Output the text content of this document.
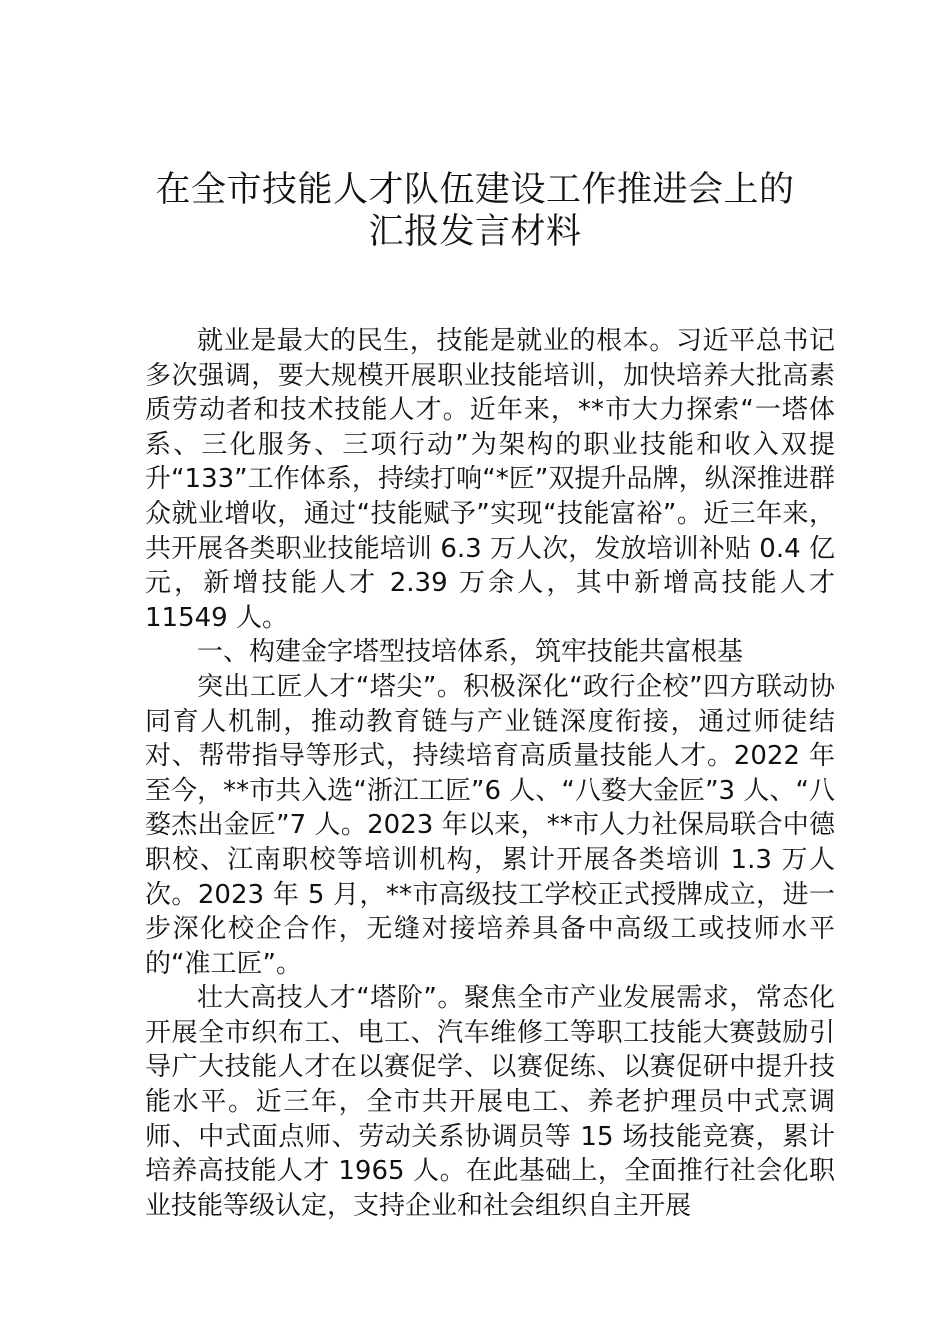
在全市技能人才队伍建设工作推进会上的
汇报发言材料

就业是最大的民生，技能是就业的根本。习近平总书记多次强调，要大规模开展职业技能培训，加快培养大批高素质劳动者和技术技能人才。近年来，**市大力探索“一塔体系、三化服务、三项行动”为架构的职业技能和收入双提升“133”工作体系，持续打响“*匠”双提升品牌，纵深推进群众就业增收，通过“技能赋予”实现“技能富裕”。近三年来，共开展各类职业技能培训 6.3 万人次，发放培训补贴 0.4 亿元，新增技能人才 2.39 万余人，其中新增高技能人才 11549 人。

一、构建金字塔型技培体系，筑牢技能共富根基

突出工匠人才“塔尖”。积极深化“政行企校”四方联动协同育人机制，推动教育链与产业链深度衔接，通过师徒结对、帮带指导等形式，持续培育高质量技能人才。2022 年至今，**市共入选“浙江工匠”6 人、“八婺大金匠”3 人、“八婺杰出金匠”7 人。2023 年以来，**市人力社保局联合中德职校、江南职校等培训机构，累计开展各类培训 1.3 万人次。2023 年 5 月，**市高级技工学校正式授牌成立，进一步深化校企合作，无缝对接培养具备中高级工或技师水平的“准工匠”。

壮大高技人才“塔阶”。聚焦全市产业发展需求，常态化开展全市织布工、电工、汽车维修工等职工技能大赛鼓励引导广大技能人才在以赛促学、以赛促练、以赛促研中提升技能水平。近三年，全市共开展电工、养老护理员中式烹调师、中式面点师、劳动关系协调员等 15 场技能竞赛，累计培养高技能人才 1965 人。在此基础上，全面推行社会化职业技能等级认定，支持企业和社会组织自主开展
